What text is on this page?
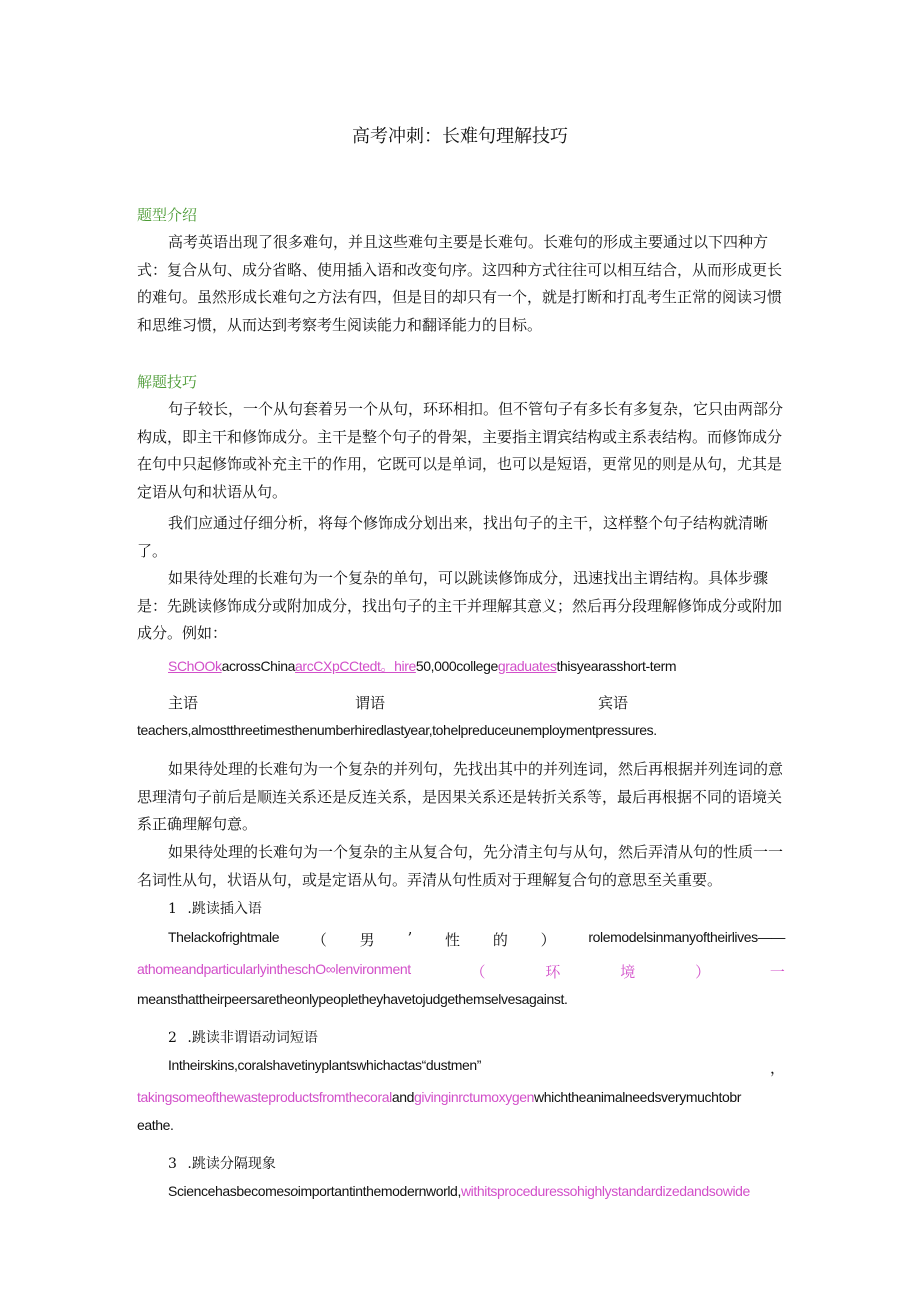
高考冲刺：长难句理解技巧
题型介绍
高考英语出现了很多难句，并且这些难句主要是长难句。长难句的形成主要通过以下四种方式：复合从句、成分省略、使用插入语和改变句序。这四种方式往往可以相互结合，从而形成更长的难句。虽然形成长难句之方法有四，但是目的却只有一个，就是打断和打乱考生正常的阅读习惯和思维习惯，从而达到考察考生阅读能力和翻译能力的目标。
解题技巧
句子较长，一个从句套着另一个从句，环环相扣。但不管句子有多长有多复杂，它只由两部分构成，即主干和修饰成分。主干是整个句子的骨架，主要指主谓宾结构或主系表结构。而修饰成分在句中只起修饰或补充主干的作用，它既可以是单词，也可以是短语，更常见的则是从句，尤其是定语从句和状语从句。
我们应通过仔细分析，将每个修饰成分划出来，找出句子的主干，这样整个句子结构就清晰了。
如果待处理的长难句为一个复杂的单句，可以跳读修饰成分，迅速找出主谓结构。具体步骤是：先跳读修饰成分或附加成分，找出句子的主干并理解其意义；然后再分段理解修饰成分或附加成分。例如：
SChOOkacrossChinaarcCXpCCtedt。hire50,000collegegraduatesthisyearasshort-term
主语	谓语	宾语
teachers,almostthreetimesthenumberhiredlastyear,tohelpreduceunemploymentpressures.
如果待处理的长难句为一个复杂的并列句，先找出其中的并列连词，然后再根据并列连词的意思理清句子前后是顺连关系还是反连关系，是因果关系还是转折关系等，最后再根据不同的语境关系正确理解句意。
如果待处理的长难句为一个复杂的主从复合句，先分清主句与从句，然后弄清从句的性质一一名词性从句，状语从句，或是定语从句。弄清从句性质对于理解复合句的意思至关重要。
1 .跳读插入语
Thelackofrightmale （ 男 ’ 性 的 ） rolemodelsinmanyoftheirlives——
athomeandparticularlyintheschO∞lenvironment	（	环	境	）	一
meansthattheirpeersaretheonlypeopletheyhavetojudgethemselvesagainst.
2 .跳读非谓语动词短语
Intheirskins,coralshavetinyplantswhichactas“dustmen”	，
takingsomeofthewasteproductsfromthecoralandgivinginrctumoxygenwhichtheanimalneedsverymuchtobr
eathe.
3 .跳读分隔现象
Sciencehasbecomesoimportantinthemodernworld,withitsproceduressohighlystandardizedandsowide
